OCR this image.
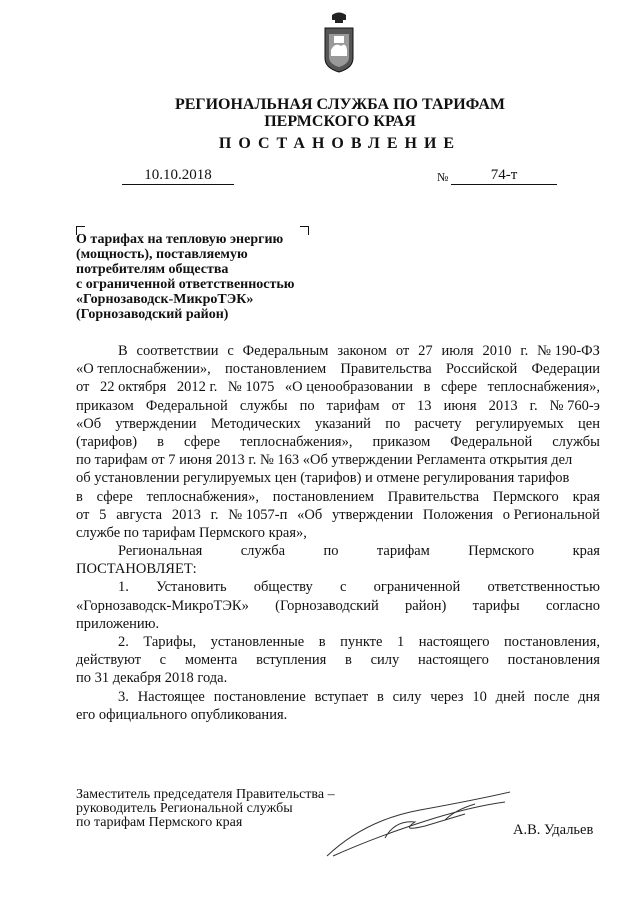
РЕГИОНАЛЬНАЯ СЛУЖБА ПО ТАРИФАМ
ПЕРМСКОГО КРАЯ
ПОСТАНОВЛЕНИЕ
10.10.2018	№	74-т
О тарифах на тепловую энергию
(мощность), поставляемую
потребителям общества
с ограниченной ответственностью
«Горнозаводск-МикроТЭК»
(Горнозаводский район)
В соответствии с Федеральным законом от 27 июля 2010 г. № 190-ФЗ
«О теплоснабжении», постановлением Правительства Российской Федерации
от 22 октября 2012 г. № 1075 «О ценообразовании в сфере теплоснабжения»,
приказом Федеральной службы по тарифам от 13 июня 2013 г. № 760-э
«Об утверждении Методических указаний по расчету регулируемых цен
(тарифов) в сфере теплоснабжения», приказом Федеральной службы
по тарифам от 7 июня 2013 г. № 163 «Об утверждении Регламента открытия дел
об установлении регулируемых цен (тарифов) и отмене регулирования тарифов
в сфере теплоснабжения», постановлением Правительства Пермского края
от 5 августа 2013 г. № 1057-п «Об утверждении Положения о Региональной
службе по тарифам Пермского края»,
Региональная	служба	по	тарифам	Пермского	края
ПОСТАНОВЛЯЕТ:
1. Установить обществу с ограниченной ответственностью
«Горнозаводск-МикроТЭК» (Горнозаводский район) тарифы согласно
приложению.
2. Тарифы, установленные в пункте 1 настоящего постановления,
действуют с момента вступления в силу настоящего постановления
по 31 декабря 2018 года.
3. Настоящее постановление вступает в силу через 10 дней после дня
его официального опубликования.
Заместитель председателя Правительства –
руководитель Региональной службы
по тарифам Пермского края	А.В. Удальев
